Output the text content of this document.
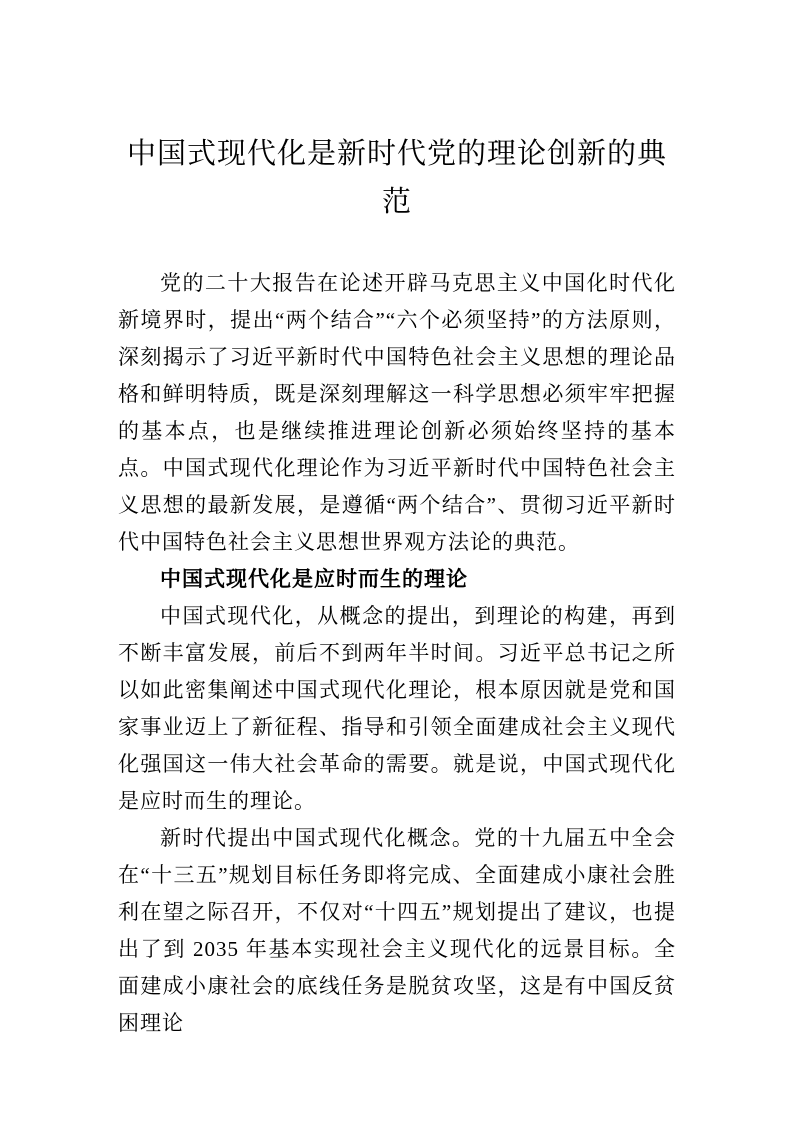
中国式现代化是新时代党的理论创新的典范

党的二十大报告在论述开辟马克思主义中国化时代化新境界时，提出“两个结合”“六个必须坚持”的方法原则，深刻揭示了习近平新时代中国特色社会主义思想的理论品格和鲜明特质，既是深刻理解这一科学思想必须牢牢把握的基本点，也是继续推进理论创新必须始终坚持的基本点。中国式现代化理论作为习近平新时代中国特色社会主义思想的最新发展，是遵循“两个结合”、贯彻习近平新时代中国特色社会主义思想世界观方法论的典范。

中国式现代化是应时而生的理论

中国式现代化，从概念的提出，到理论的构建，再到不断丰富发展，前后不到两年半时间。习近平总书记之所以如此密集阐述中国式现代化理论，根本原因就是党和国家事业迈上了新征程、指导和引领全面建成社会主义现代化强国这一伟大社会革命的需要。就是说，中国式现代化是应时而生的理论。

新时代提出中国式现代化概念。党的十九届五中全会在“十三五”规划目标任务即将完成、全面建成小康社会胜利在望之际召开，不仅对“十四五”规划提出了建议，也提出了到 2035 年基本实现社会主义现代化的远景目标。全面建成小康社会的底线任务是脱贫攻坚，这是有中国反贫困理论
